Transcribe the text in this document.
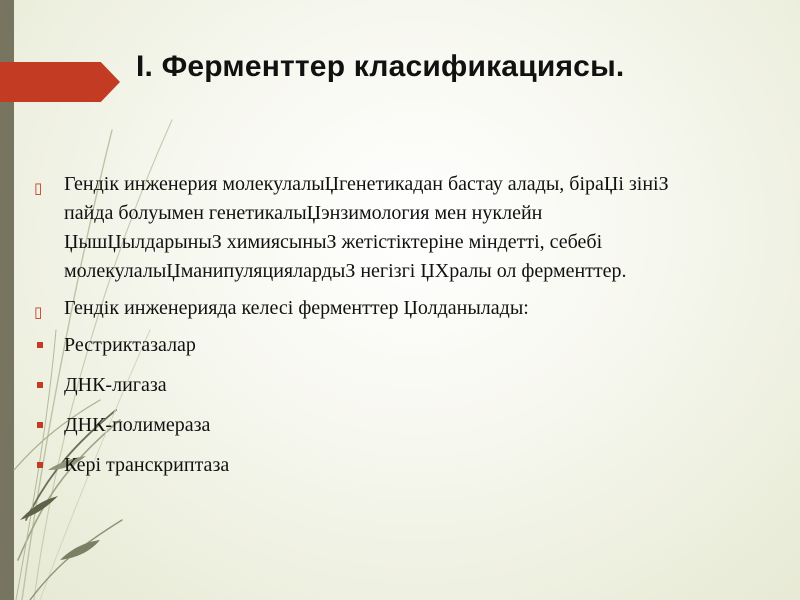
І. Ферменттер класификациясы.
▯ Гендік инженерия молекулалыЏгенетикадан бастау алады, біраЏі зініЗ пайда болуымен генетикалыЏэнзимология мен нуклейн ЏышЏылдарыныЗ химиясыныЗ жетістіктеріне міндетті, себебі молекулалыЏманипуляциялардыЗ негізгі ЏХралы ол ферменттер.
▯ Гендік инженерияда келесі ферменттер Џолданылады:
Рестриктазалар
ДНК-лигаза
ДНК-полимераза
Кері транскриптаза
